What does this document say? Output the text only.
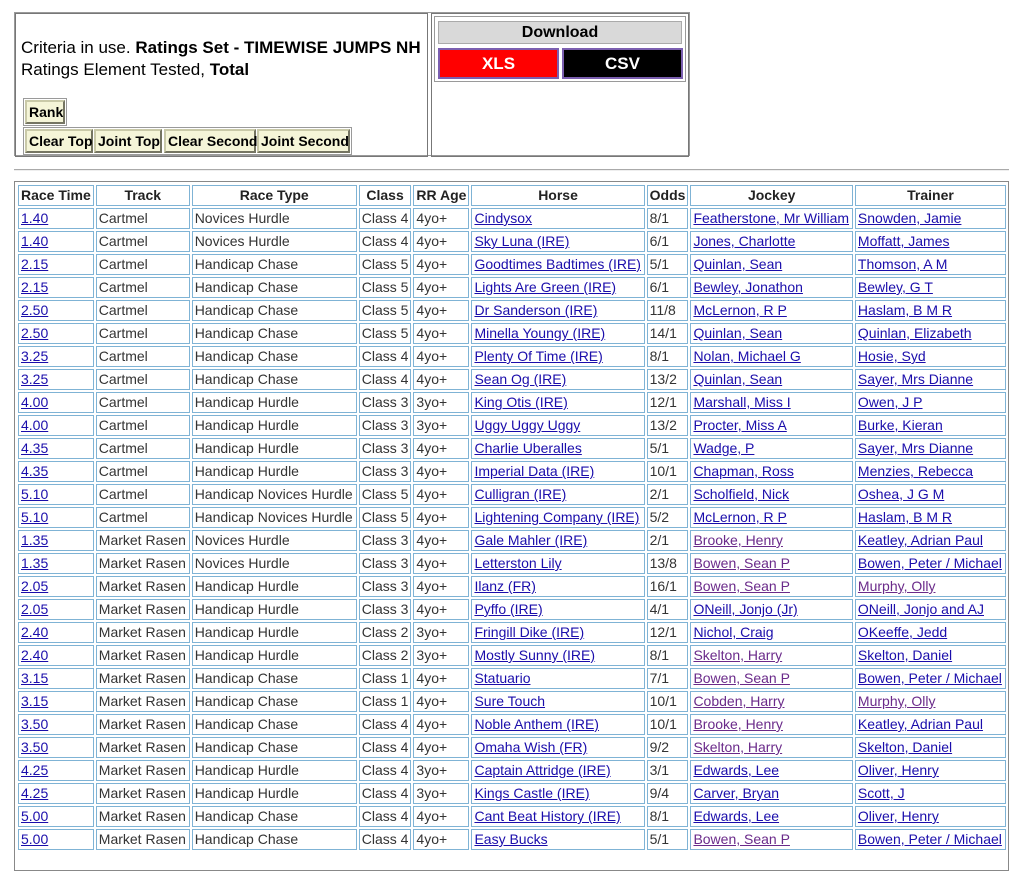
Criteria in use. Ratings Set - TIMEWISE JUMPS NH
Ratings Element Tested, Total
Rank
Clear Top Joint Top Clear Second Joint Second
Download
XLS	CSV
Race Time	Track	Race Type	Class	RR Age	Horse	Odds	Jockey	Trainer
1.40	Cartmel	Novices Hurdle	Class 4	4yo+	Cindysox	8/1	Featherstone, Mr William	Snowden, Jamie
1.40	Cartmel	Novices Hurdle	Class 4	4yo+	Sky Luna (IRE)	6/1	Jones, Charlotte	Moffatt, James
2.15	Cartmel	Handicap Chase	Class 5	4yo+	Goodtimes Badtimes (IRE)	5/1	Quinlan, Sean	Thomson, A M
2.15	Cartmel	Handicap Chase	Class 5	4yo+	Lights Are Green (IRE)	6/1	Bewley, Jonathon	Bewley, G T
2.50	Cartmel	Handicap Chase	Class 5	4yo+	Dr Sanderson (IRE)	11/8	McLernon, R P	Haslam, B M R
2.50	Cartmel	Handicap Chase	Class 5	4yo+	Minella Youngy (IRE)	14/1	Quinlan, Sean	Quinlan, Elizabeth
3.25	Cartmel	Handicap Chase	Class 4	4yo+	Plenty Of Time (IRE)	8/1	Nolan, Michael G	Hosie, Syd
3.25	Cartmel	Handicap Chase	Class 4	4yo+	Sean Og (IRE)	13/2	Quinlan, Sean	Sayer, Mrs Dianne
4.00	Cartmel	Handicap Hurdle	Class 3	3yo+	King Otis (IRE)	12/1	Marshall, Miss I	Owen, J P
4.00	Cartmel	Handicap Hurdle	Class 3	3yo+	Uggy Uggy Uggy	13/2	Procter, Miss A	Burke, Kieran
4.35	Cartmel	Handicap Hurdle	Class 3	4yo+	Charlie Uberalles	5/1	Wadge, P	Sayer, Mrs Dianne
4.35	Cartmel	Handicap Hurdle	Class 3	4yo+	Imperial Data (IRE)	10/1	Chapman, Ross	Menzies, Rebecca
5.10	Cartmel	Handicap Novices Hurdle	Class 5	4yo+	Culligran (IRE)	2/1	Scholfield, Nick	Oshea, J G M
5.10	Cartmel	Handicap Novices Hurdle	Class 5	4yo+	Lightening Company (IRE)	5/2	McLernon, R P	Haslam, B M R
1.35	Market Rasen	Novices Hurdle	Class 3	4yo+	Gale Mahler (IRE)	2/1	Brooke, Henry	Keatley, Adrian Paul
1.35	Market Rasen	Novices Hurdle	Class 3	4yo+	Letterston Lily	13/8	Bowen, Sean P	Bowen, Peter / Michael
2.05	Market Rasen	Handicap Hurdle	Class 3	4yo+	Ilanz (FR)	16/1	Bowen, Sean P	Murphy, Olly
2.05	Market Rasen	Handicap Hurdle	Class 3	4yo+	Pyffo (IRE)	4/1	ONeill, Jonjo (Jr)	ONeill, Jonjo and AJ
2.40	Market Rasen	Handicap Hurdle	Class 2	3yo+	Fringill Dike (IRE)	12/1	Nichol, Craig	OKeeffe, Jedd
2.40	Market Rasen	Handicap Hurdle	Class 2	3yo+	Mostly Sunny (IRE)	8/1	Skelton, Harry	Skelton, Daniel
3.15	Market Rasen	Handicap Chase	Class 1	4yo+	Statuario	7/1	Bowen, Sean P	Bowen, Peter / Michael
3.15	Market Rasen	Handicap Chase	Class 1	4yo+	Sure Touch	10/1	Cobden, Harry	Murphy, Olly
3.50	Market Rasen	Handicap Chase	Class 4	4yo+	Noble Anthem (IRE)	10/1	Brooke, Henry	Keatley, Adrian Paul
3.50	Market Rasen	Handicap Chase	Class 4	4yo+	Omaha Wish (FR)	9/2	Skelton, Harry	Skelton, Daniel
4.25	Market Rasen	Handicap Hurdle	Class 4	3yo+	Captain Attridge (IRE)	3/1	Edwards, Lee	Oliver, Henry
4.25	Market Rasen	Handicap Hurdle	Class 4	3yo+	Kings Castle (IRE)	9/4	Carver, Bryan	Scott, J
5.00	Market Rasen	Handicap Chase	Class 4	4yo+	Cant Beat History (IRE)	8/1	Edwards, Lee	Oliver, Henry
5.00	Market Rasen	Handicap Chase	Class 4	4yo+	Easy Bucks	5/1	Bowen, Sean P	Bowen, Peter / Michael
